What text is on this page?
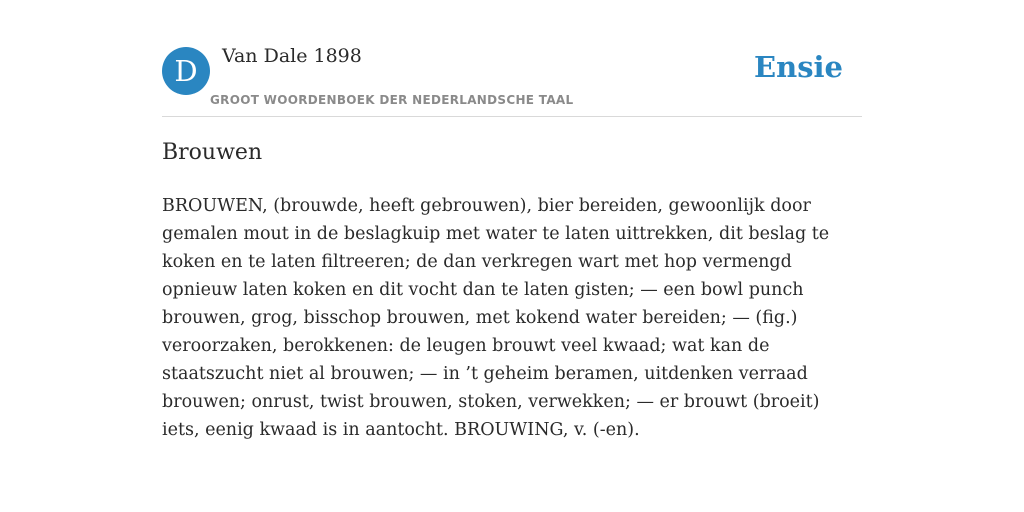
D	Van Dale 1898
GROOT WOORDENBOEK DER NEDERLANDSCHE TAAL
Ensie
Brouwen

BROUWEN, (brouwde, heeft gebrouwen), bier bereiden, gewoonlijk door gemalen mout in de beslagkuip met water te laten uittrekken, dit beslag te koken en te laten filtreeren; de dan verkregen wart met hop vermengd opnieuw laten koken en dit vocht dan te laten gisten; — een bowl punch brouwen, grog, bisschop brouwen, met kokend water bereiden; — (fig.) veroorzaken, berokkenen: de leugen brouwt veel kwaad; wat kan de staatszucht niet al brouwen; — in ’t geheim beramen, uitdenken verraad brouwen; onrust, twist brouwen, stoken, verwekken; — er brouwt (broeit) iets, eenig kwaad is in aantocht. BROUWING, v. (-en).
